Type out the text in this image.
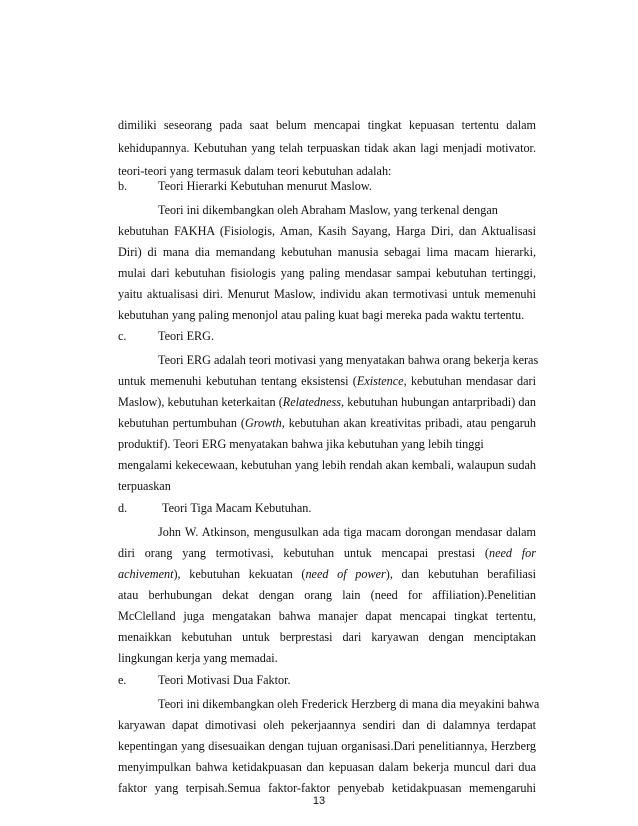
dimiliki seseorang pada saat belum mencapai tingkat kepuasan tertentu dalam
kehidupannya. Kebutuhan yang telah terpuaskan tidak akan lagi menjadi motivator.
teori-teori yang termasuk dalam teori kebutuhan adalah:
b.	Teori Hierarki Kebutuhan menurut Maslow.
Teori ini dikembangkan oleh Abraham Maslow, yang terkenal dengan
kebutuhan FAKHA (Fisiologis, Aman, Kasih Sayang, Harga Diri, dan Aktualisasi
Diri) di mana dia memandang kebutuhan manusia sebagai lima macam hierarki,
mulai dari kebutuhan fisiologis yang paling mendasar sampai kebutuhan tertinggi,
yaitu aktualisasi diri. Menurut Maslow, individu akan termotivasi untuk memenuhi
kebutuhan yang paling menonjol atau paling kuat bagi mereka pada waktu tertentu.
c.	Teori ERG.
Teori ERG adalah teori motivasi yang menyatakan bahwa orang bekerja keras
untuk memenuhi kebutuhan tentang eksistensi (Existence, kebutuhan mendasar dari
Maslow), kebutuhan keterkaitan (Relatedness, kebutuhan hubungan antarpribadi) dan
kebutuhan pertumbuhan (Growth, kebutuhan akan kreativitas pribadi, atau pengaruh
produktif). Teori ERG menyatakan bahwa jika kebutuhan yang lebih tinggi
mengalami kekecewaan, kebutuhan yang lebih rendah akan kembali, walaupun sudah
terpuaskan
d.	Teori Tiga Macam Kebutuhan.
John W. Atkinson, mengusulkan ada tiga macam dorongan mendasar dalam
diri orang yang termotivasi, kebutuhan untuk mencapai prestasi (need for
achivement), kebutuhan kekuatan (need of power), dan kebutuhan berafiliasi
atau berhubungan dekat dengan orang lain (need for affiliation).Penelitian
McClelland juga mengatakan bahwa manajer dapat mencapai tingkat tertentu,
menaikkan kebutuhan untuk berprestasi dari karyawan dengan menciptakan
lingkungan kerja yang memadai.
e.	Teori Motivasi Dua Faktor.
13
Teori ini dikembangkan oleh Frederick Herzberg di mana dia meyakini bahwa
karyawan dapat dimotivasi oleh pekerjaannya sendiri dan di dalamnya terdapat
kepentingan yang disesuaikan dengan tujuan organisasi.Dari penelitiannya, Herzberg
menyimpulkan bahwa ketidakpuasan dan kepuasan dalam bekerja muncul dari dua
faktor yang terpisah.Semua faktor-faktor penyebab ketidakpuasan memengaruhi
